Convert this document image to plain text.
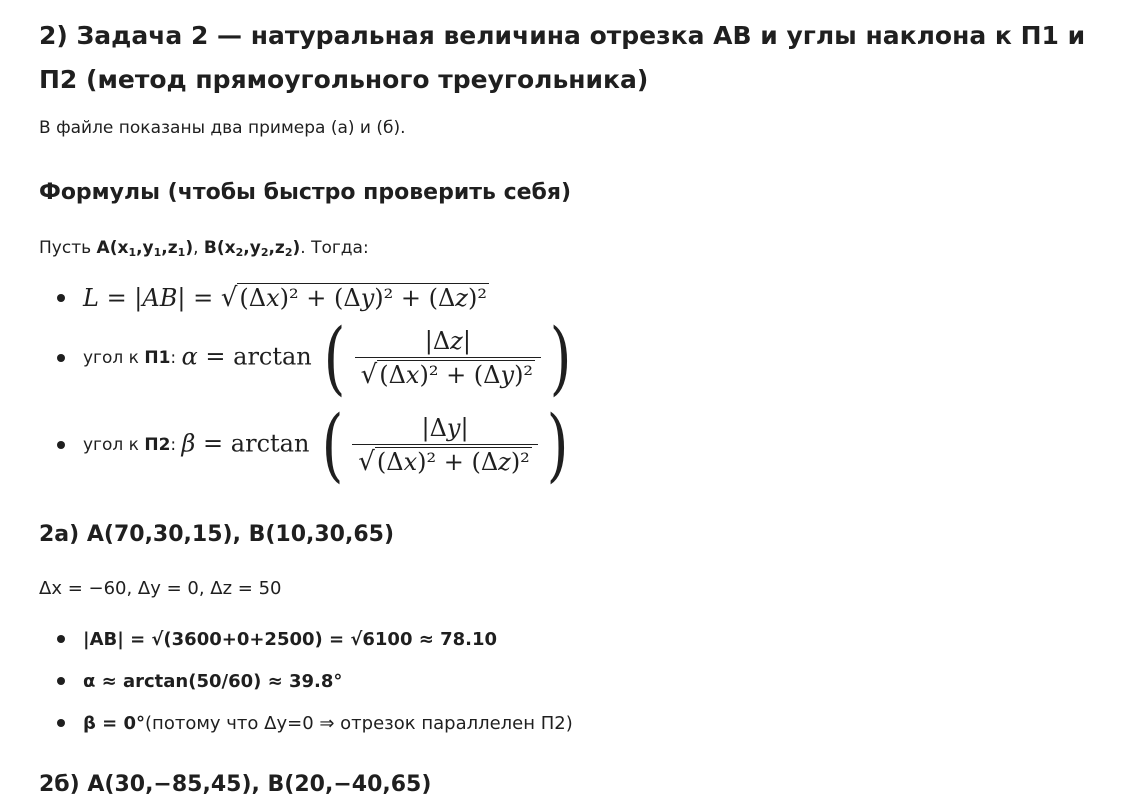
2) Задача 2 — натуральная величина отрезка AB и углы наклона к П1 и П2 (метод прямоугольного треугольника)

В файле показаны два примера (а) и (б).

Формулы (чтобы быстро проверить себя)
Пусть $A(x_1,y_1,z_1)$, $B(x_2,y_2,z_2)$. Тогда:
L = |AB| = √ (Δx)² + (Δy)² + (Δz)²
угол к П1: α = arctan ( $\frac{|\Delta z|}{\text{√ (Δx)² + (Δy)²}}$ )
угол к П2: β = arctan ( $\frac{|\Delta y|}{\text{√ (Δx)² + (Δz)²}}$ )
2а) A(70,30,15), B(10,30,65)

Δx = −60, Δy = 0, Δz = 50

|AB| = √(3600+0+2500) = √6100 ≈ 78.10
α ≈ arctan(50/60) ≈ 39.8°
β = 0° (потому что Δy=0 ⇒ отрезок параллелен П2)
2б) A(30,−85,45), B(20,−40,65)
